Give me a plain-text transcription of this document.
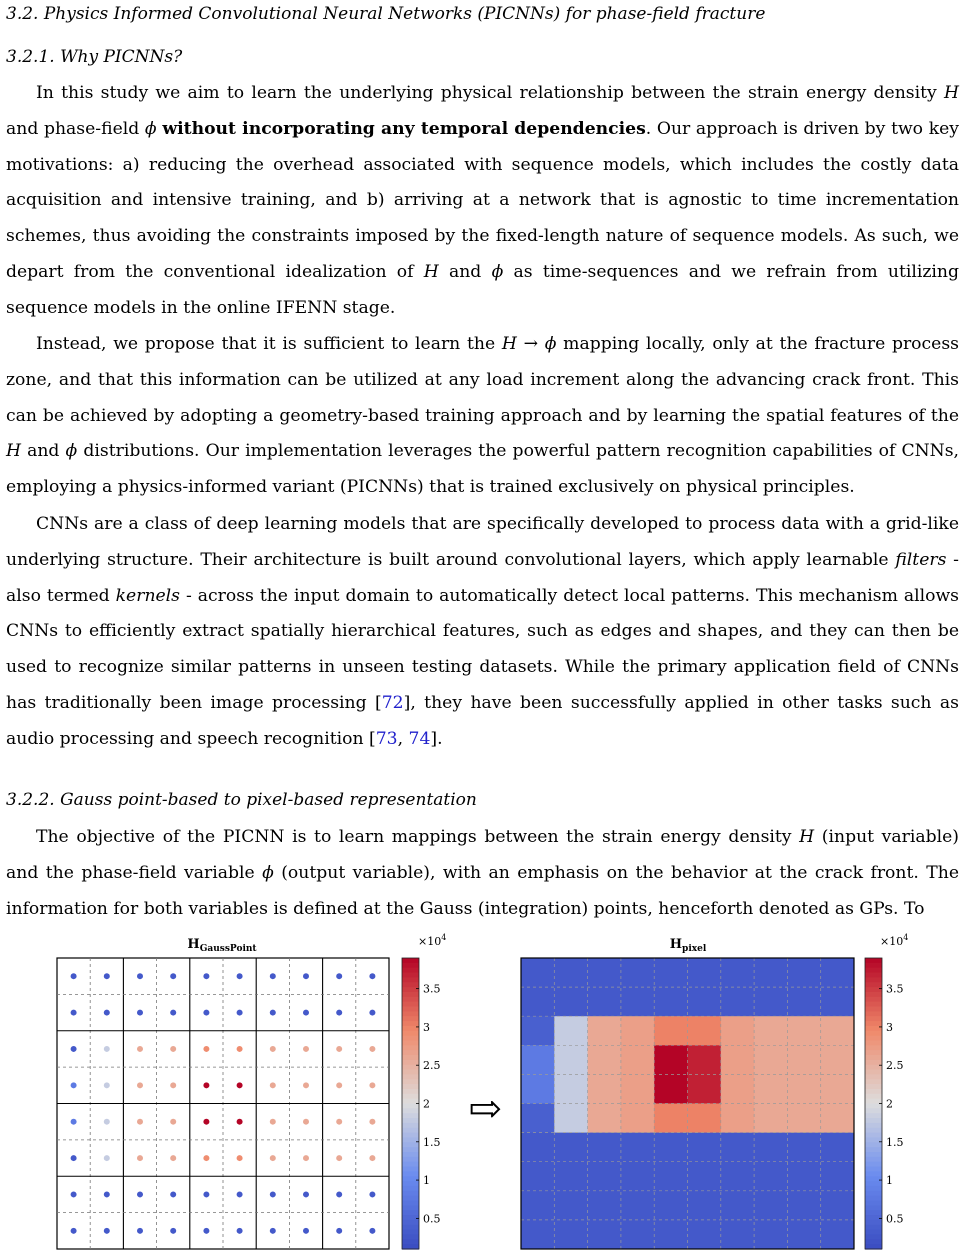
3.2. Physics Informed Convolutional Neural Networks (PICNNs) for phase-field fracture
3.2.1. Why PICNNs?
In this study we aim to learn the underlying physical relationship between the strain energy density H and phase-field ϕ without incorporating any temporal dependencies. Our approach is driven by two key motivations: a) reducing the overhead associated with sequence models, which includes the costly data acquisition and intensive training, and b) arriving at a network that is agnostic to time incrementation schemes, thus avoiding the constraints imposed by the fixed-length nature of sequence models. As such, we depart from the conventional idealization of H and ϕ as time-sequences and we refrain from utilizing sequence models in the online IFENN stage.
Instead, we propose that it is sufficient to learn the H → ϕ mapping locally, only at the fracture process zone, and that this information can be utilized at any load increment along the advancing crack front. This can be achieved by adopting a geometry-based training approach and by learning the spatial features of the H and ϕ distributions. Our implementation leverages the powerful pattern recognition capabilities of CNNs, employing a physics-informed variant (PICNNs) that is trained exclusively on physical principles.
CNNs are a class of deep learning models that are specifically developed to process data with a grid-like underlying structure. Their architecture is built around convolutional layers, which apply learnable filters - also termed kernels - across the input domain to automatically detect local patterns. This mechanism allows CNNs to efficiently extract spatially hierarchical features, such as edges and shapes, and they can then be used to recognize similar patterns in unseen testing datasets. While the primary application field of CNNs has traditionally been image processing [72], they have been successfully applied in other tasks such as audio processing and speech recognition [73, 74].
3.2.2. Gauss point-based to pixel-based representation
The objective of the PICNN is to learn mappings between the strain energy density H (input variable) and the phase-field variable ϕ (output variable), with an emphasis on the behavior at the crack front. The information for both variables is defined at the Gauss (integration) points, henceforth denoted as GPs. To
0.5
1
1.5
2
2.5
3
3.5
0.5
1
1.5
2
2.5
3
3.5
$H_{GaussPoint}$	$H_{pixel}$
$\times 10^4$	$\times 10^4$
⇨
